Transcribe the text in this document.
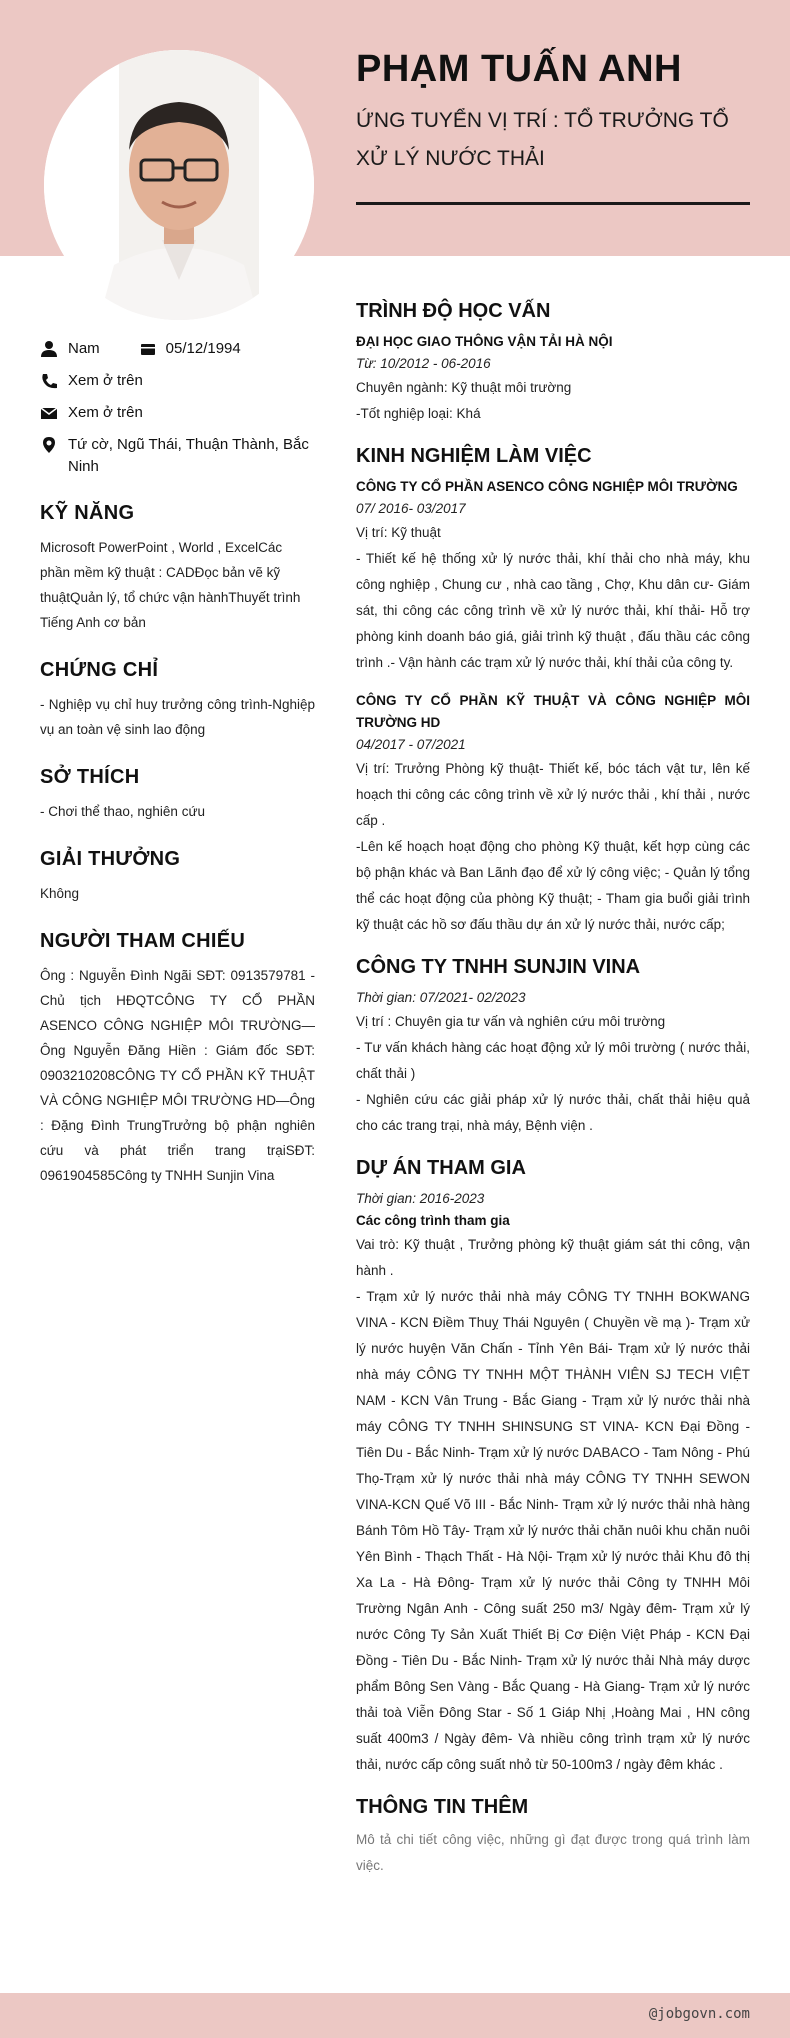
PHẠM TUẤN ANH
ỨNG TUYỂN VỊ TRÍ : TỔ TRƯỞNG TỔ XỬ LÝ NƯỚC THẢI
Nam	05/12/1994
Xem ở trên
Xem ở trên
Tứ cờ, Ngũ Thái, Thuận Thành, Bắc Ninh
KỸ NĂNG
Microsoft PowerPoint , World , ExcelCác phần mềm kỹ thuật : CADĐọc bản vẽ kỹ thuậtQuản lý, tổ chức vận hànhThuyết trình Tiếng Anh cơ bản
CHỨNG CHỈ
- Nghiệp vụ chỉ huy trưởng công trình-Nghiệp vụ an toàn vệ sinh lao động
SỞ THÍCH
- Chơi thể thao, nghiên cứu
GIẢI THƯỞNG
Không
NGƯỜI THAM CHIẾU
Ông : Nguyễn Đình Ngãi SĐT: 0913579781 - Chủ tịch HĐQTCÔNG TY CỔ PHẦN ASENCO CÔNG NGHIỆP MÔI TRƯỜNG—Ông Nguyễn Đăng Hiền : Giám đốc SĐT: 0903210208CÔNG TY CỔ PHẦN KỸ THUẬT VÀ CÔNG NGHIỆP MÔI TRƯỜNG HD—Ông : Đặng Đình TrungTrưởng bộ phận nghiên cứu và phát triển trang trạiSĐT: 0961904585Công ty TNHH Sunjin Vina
TRÌNH ĐỘ HỌC VẤN
ĐẠI HỌC GIAO THÔNG VẬN TẢI HÀ NỘI
Từ: 10/2012 - 06-2016
Chuyên ngành: Kỹ thuật môi trường
-Tốt nghiệp loại: Khá
KINH NGHIỆM LÀM VIỆC
CÔNG TY CỔ PHẦN ASENCO CÔNG NGHIỆP MÔI TRƯỜNG
07/ 2016- 03/2017
Vị trí: Kỹ thuật
- Thiết kế hệ thống xử lý nước thải, khí thải cho nhà máy, khu công nghiệp , Chung cư , nhà cao tầng , Chợ, Khu dân cư- Giám sát, thi công các công trình về xử lý nước thải, khí thải- Hỗ trợ phòng kinh doanh báo giá, giải trình kỹ thuật , đấu thầu các công trình .- Vận hành các trạm xử lý nước thải, khí thải của công ty.
CÔNG TY CỔ PHẦN KỸ THUẬT VÀ CÔNG NGHIỆP MÔI TRƯỜNG HD
04/2017 - 07/2021
Vị trí: Trưởng Phòng kỹ thuật- Thiết kế, bóc tách vật tư, lên kế hoạch thi công các công trình về xử lý nước thải , khí thải , nước cấp .
-Lên kế hoạch hoạt động cho phòng Kỹ thuật, kết hợp cùng các bộ phận khác và Ban Lãnh đạo để xử lý công việc; - Quản lý tổng thể các hoạt động của phòng Kỹ thuật; - Tham gia buổi giải trình kỹ thuật các hồ sơ đấu thầu dự án xử lý nước thải, nước cấp;
CÔNG TY TNHH SUNJIN VINA
Thời gian: 07/2021- 02/2023
Vị trí : Chuyên gia tư vấn và nghiên cứu môi trường
- Tư vấn khách hàng các hoạt động xử lý môi trường ( nước thải, chất thải )
- Nghiên cứu các giải pháp xử lý nước thải, chất thải hiệu quả cho các trang trại, nhà máy, Bệnh viện .
DỰ ÁN THAM GIA
Thời gian: 2016-2023
Các công trình tham gia
Vai trò: Kỹ thuật , Trưởng phòng kỹ thuật giám sát thi công, vận hành .
- Trạm xử lý nước thải nhà máy CÔNG TY TNHH BOKWANG VINA - KCN Điềm Thuỵ Thái Nguyên ( Chuyền về mạ )- Trạm xử lý nước huyện Văn Chấn - Tỉnh Yên Bái- Trạm xử lý nước thải nhà máy CÔNG TY TNHH MỘT THÀNH VIÊN SJ TECH VIỆT NAM - KCN Vân Trung - Bắc Giang - Trạm xử lý nước thải nhà máy CÔNG TY TNHH SHINSUNG ST VINA- KCN Đại Đồng - Tiên Du - Bắc Ninh- Trạm xử lý nước DABACO - Tam Nông - Phú Thọ-Trạm xử lý nước thải nhà máy CÔNG TY TNHH SEWON VINA-KCN Quế Võ III - Bắc Ninh- Trạm xử lý nước thải nhà hàng Bánh Tôm Hồ Tây- Trạm xử lý nước thải chăn nuôi khu chăn nuôi Yên Bình - Thạch Thất - Hà Nội- Trạm xử lý nước thải Khu đô thị Xa La - Hà Đông- Trạm xử lý nước thải Công ty TNHH Môi Trường Ngân Anh - Công suất 250 m3/ Ngày đêm- Trạm xử lý nước Công Ty Sản Xuất Thiết Bị Cơ Điện Việt Pháp - KCN Đại Đồng - Tiên Du - Bắc Ninh- Trạm xử lý nước thải Nhà máy dược phẩm Bông Sen Vàng - Bắc Quang - Hà Giang- Trạm xử lý nước thải toà Viễn Đông Star - Số 1 Giáp Nhị ,Hoàng Mai , HN công suất 400m3 / Ngày đêm- Và nhiều công trình trạm xử lý nước thải, nước cấp công suất nhỏ từ 50-100m3 / ngày đêm khác .
THÔNG TIN THÊM
Mô tả chi tiết công việc, những gì đạt được trong quá trình làm việc.
@jobgovn.com
